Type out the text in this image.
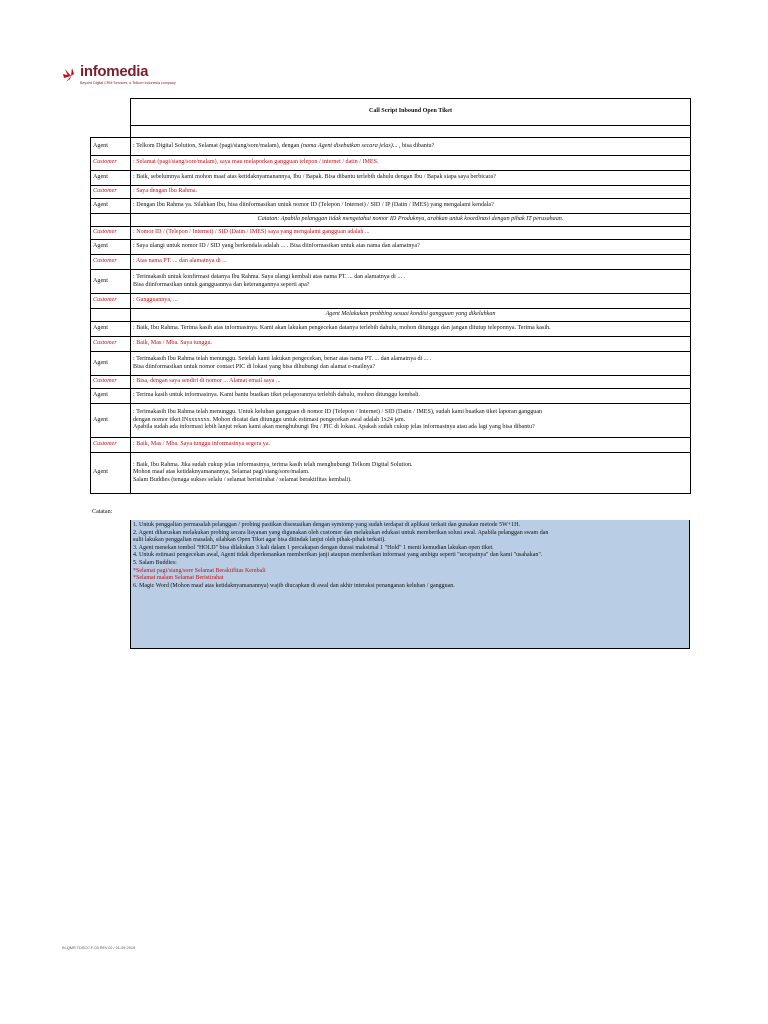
infomedia
Beyond Digital CRM Services, a Telkom Indonesia company
	Call Script Inbound Open Tiket

Agent	: Telkom Digital Solution, Selamat (pagi/siang/sore/malam), dengan (nama Agent disebutkan secara jelas)... , bisa dibantu?
Customer	: Selamat (pagi/siang/sore/malam), saya mau melaporkan gangguan telepon / internet / datin / IMES.
Agent	: Baik, sebelumnya kami mohon maaf atas ketidaknyamanannya, Ibu / Bapak. Bisa dibantu terlebih dahulu dengan Ibu / Bapak siapa saya berbicara?
Customer	: Saya dengan Ibu Rahma.
Agent	: Dengan Ibu Rahma ya. Silahkan Ibu, bisa diinformasikan untuk nomor ID (Telepon / Internet) / SID / IP (Datin / IMES) yang mengalami kendala?
	Catatan: Apabila pelanggan tidak mengetahui nomor ID Produknya, arahkan untuk koordinasi dengan pihak IT perusahaan.
Customer	: Nomor ID / (Telepon / Internet) / SID (Datin / IMES) saya yang mengalami gangguan adalah ...
Agent	: Saya ulangi untuk nomor ID / SID yang berkendala adalah ... . Bisa diinformasikan untuk atas nama dan alamatnya?
Customer	: Atas nama PT. ... dan alamatnya di ...
Agent	: Terimakasih untuk konfirmasi datanya Ibu Rahma. Saya ulangi kembali atas nama PT. ... dan alamatnya di ... .
Bisa diinformasikan untuk gangguannya dan keterangannya seperti apa?
Customer	: Gangguannya, ...
	Agent Melakukan probbing sesuai kondisi gangguan yang dikeluhkan
Agent	: Baik, Ibu Rahma. Terima kasih atas informasinya. Kami akan lakukan pengecekan datanya terlebih dahulu, mohon ditunggu dan jangan ditutup teleponnya. Terima kasih.
Customer	: Baik, Mas / Mba. Saya tunggu.
Agent	: Terimakasih Ibu Rahma telah menunggu. Setelah kami lakukan pengecekan, benar atas nama PT. ... dan alamatnya di ... .
Bisa diinformasikan untuk nomor contact PIC di lokasi yang bisa dihubungi dan alamat e-mailnya?
Customer	: Bisa, dengan saya sendiri di nomor ... Alamat email saya ...
Agent	: Terima kasih untuk informasinya. Kami bantu buatkan tiket pelaporannya terlebih dahulu, mohon ditunggu kembali.
Agent	: Terimakasih Ibu Rahma telah menunggu. Untuk keluhan gangguan di nomor ID (Telepon / Internet) / SID (Datin / IMES), sudah kami buatkan tiket laporan gangguan
dengan nomor tiket INxxxxxxx. Mohon dicatat dan ditunggu untuk estimasi pengecekan awal adalah 1x24 jam.
Apabila sudah ada informasi lebih lanjut rekan kami akan menghubungi Ibu / PIC di lokasi. Apakah sudah cukup jelas informasinya atau ada lagi yang bisa dibantu?
Customer	: Baik, Mas / Mba. Saya tunggu informasinya segera ya.
Agent	: Baik, Ibu Rahma. Jika sudah cukup jelas informasinya, terima kasih telah menghubungi Telkom Digital Solution.
Mohon maaf atas ketidaknyamanannya, Selamat pagi/siang/sore/malam.
Salam Buddies (tenaga sukses selalu / selamat beristirahat / selamat beraktifitas kembali).
Catatan:
1. Untuk penggalian permasalah pelanggan / probing pastikan disesuaikan dengan symtomp yang sudah terdapat di aplikasi terkait dan gunakan metode 5W+1H.
2. Agent diharuskan melakukan probing secara lisyanan yang digunakan oleh customer dan melakukan edukasi untuk memberikan solusi awal. Apabila pelanggan swam dan
sulit lakukan penggalian masalah, silahkan Open Tiket agar bisa ditindak lanjut oleh pihak-pihak terkait).
3. Agent menekan tombol "HOLD" bisa dilakukan 3 kali dalam 1 percakapan dengan durasi maksimal 1 "Hold" 1 menit kemudian lakukan open tiket.
4. Untuk estimasi pengecekan awal, Agent tidak diperkenankan memberikan janji ataupun memberikan informasi yang ambigu seperti "secepatnya" dan kami "usahakan".
5. Salam Buddies:
*Selamat pagi/siang/sore Selamat Beraktifitas Kembali
*Selamat malam Selamat Beristirahat
6. Magic Word (Mohon maaf atas ketidaknyamanannya) wajib diucapkan di awal dan akhir interaksi penanganan keluhan / gangguan.
IN.QMR.TDSCC.F-03 REV.02 / 01-09-2019
